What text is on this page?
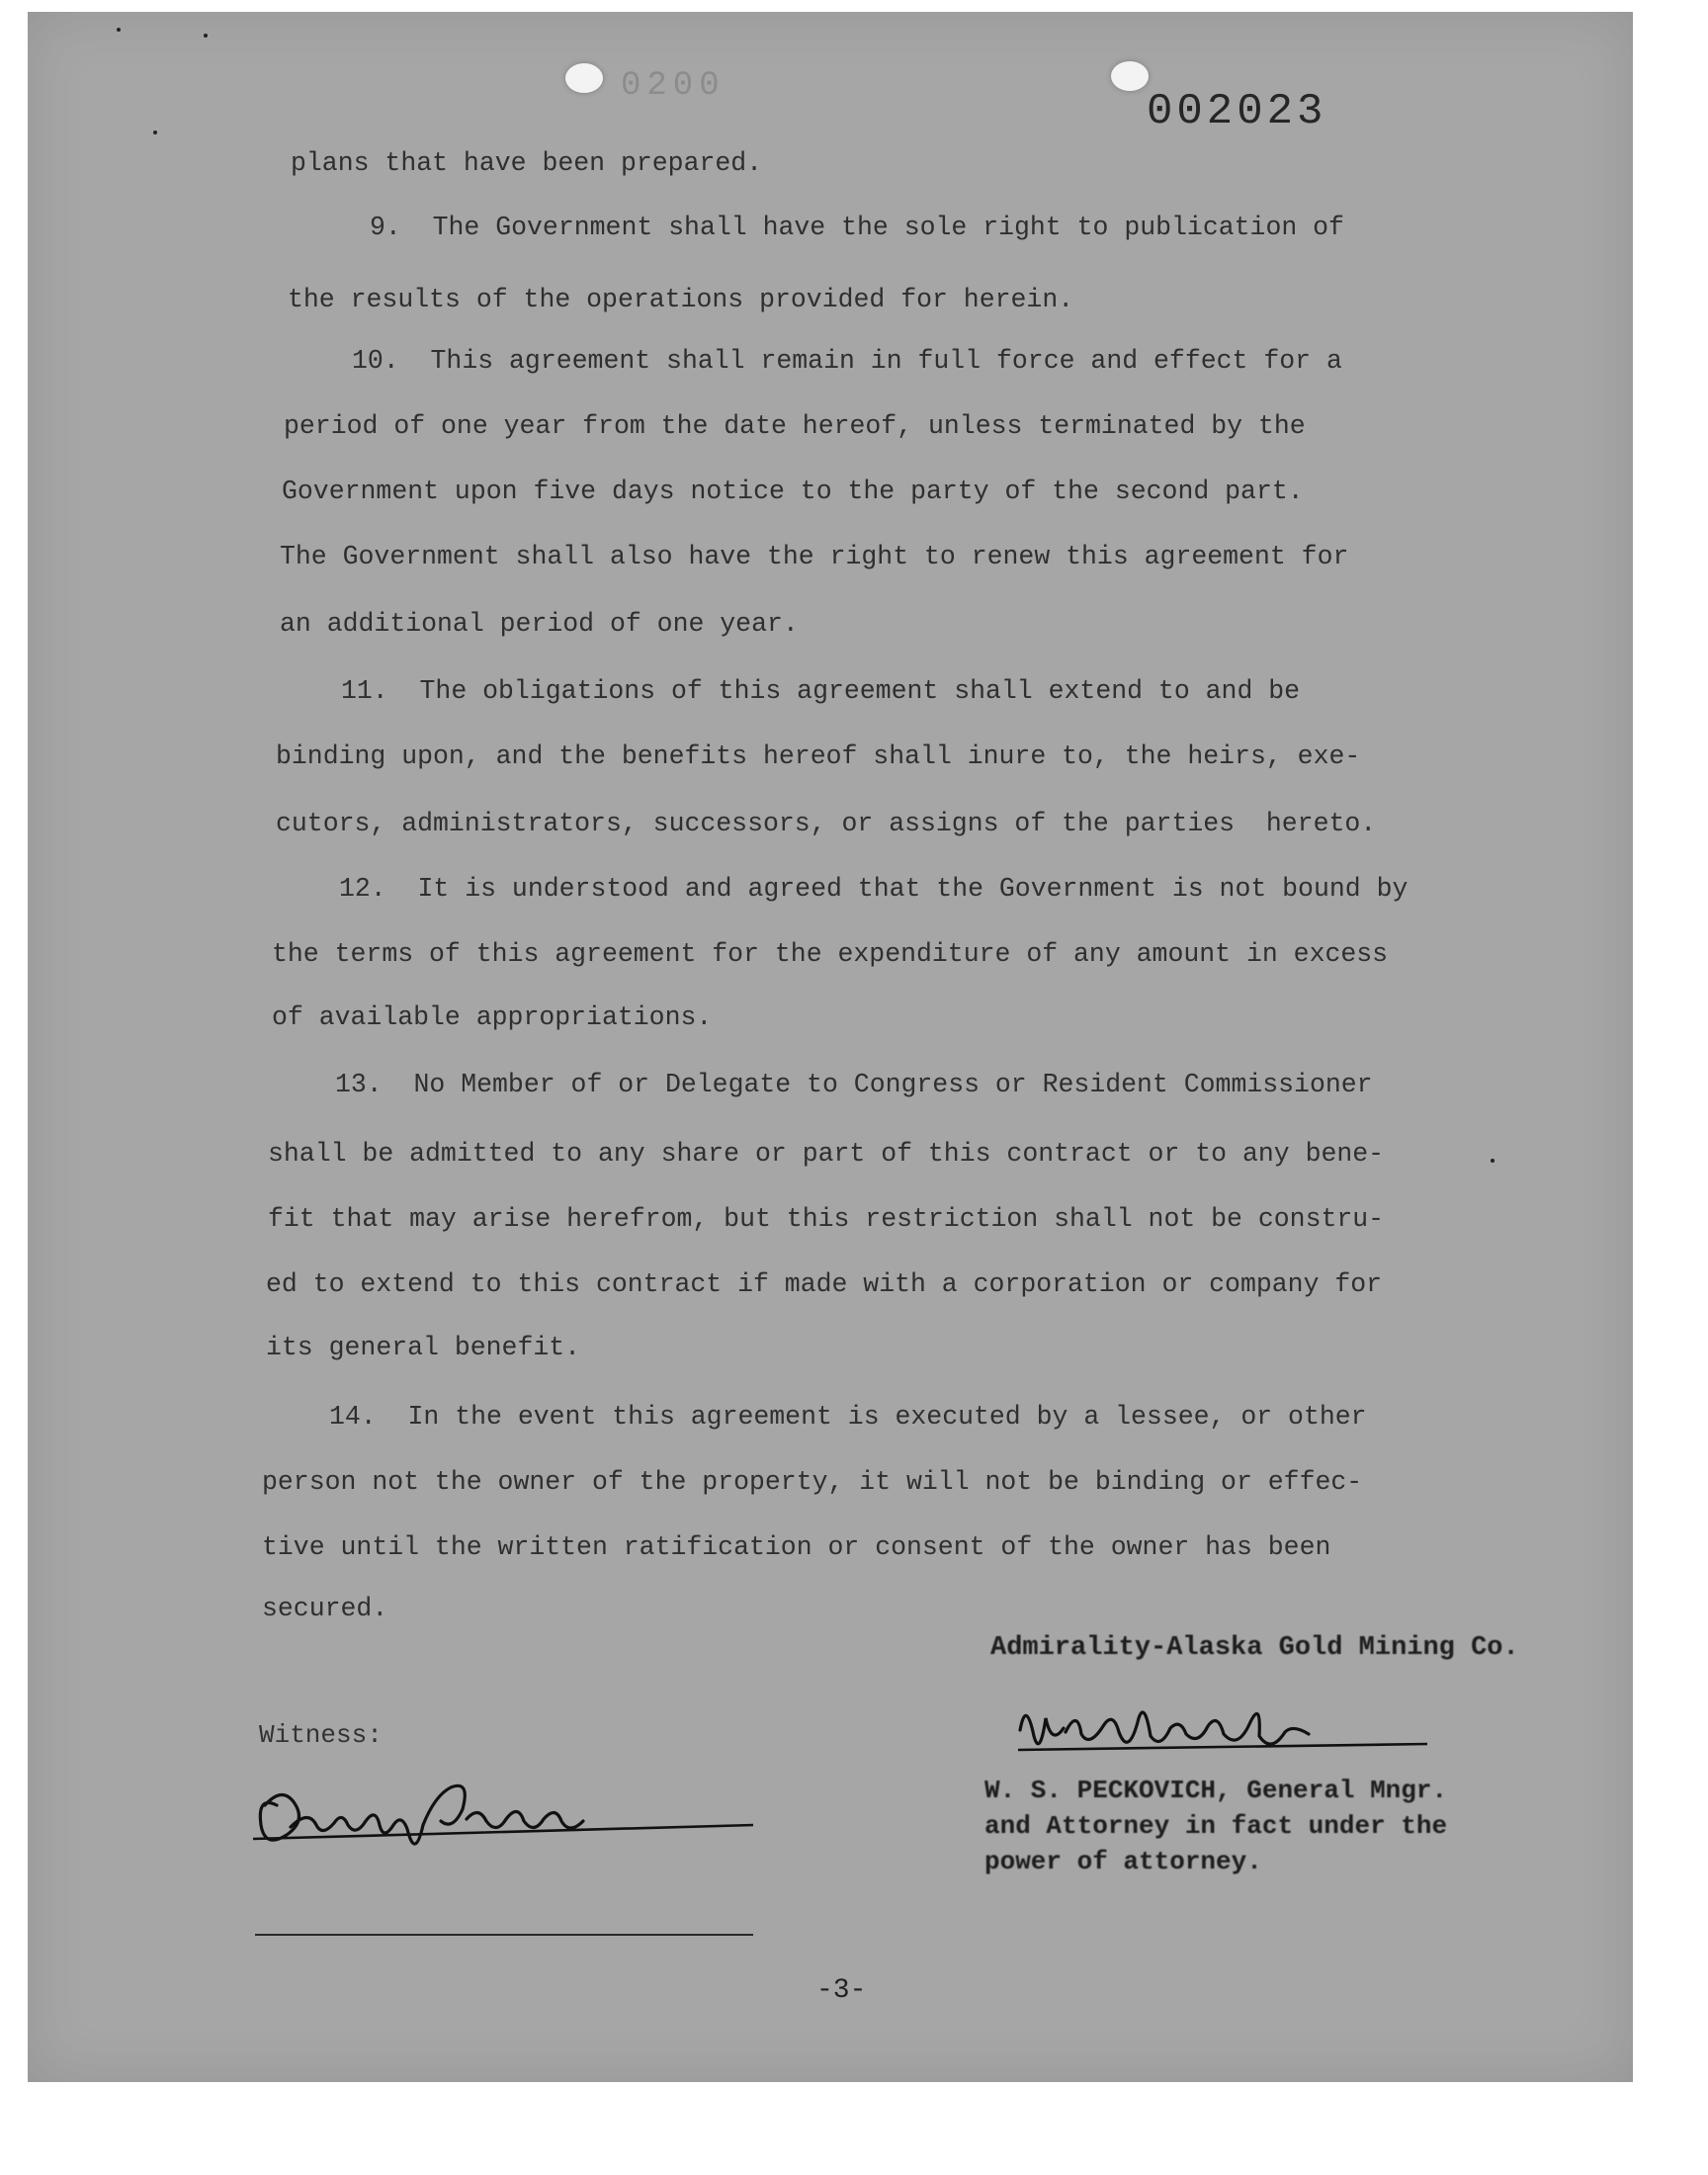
0200
002023
plans that have been prepared.
9.  The Government shall have the sole right to publication of
the results of the operations provided for herein.
10.  This agreement shall remain in full force and effect for a
period of one year from the date hereof, unless terminated by the
Government upon five days notice to the party of the second part.
The Government shall also have the right to renew this agreement for
an additional period of one year.
11.  The obligations of this agreement shall extend to and be
binding upon, and the benefits hereof shall inure to, the heirs, exe-
cutors, administrators, successors, or assigns of the parties  hereto.
12.  It is understood and agreed that the Government is not bound by
the terms of this agreement for the expenditure of any amount in excess
of available appropriations.
13.  No Member of or Delegate to Congress or Resident Commissioner
shall be admitted to any share or part of this contract or to any bene-
fit that may arise herefrom, but this restriction shall not be constru-
ed to extend to this contract if made with a corporation or company for
its general benefit.
14.  In the event this agreement is executed by a lessee, or other
person not the owner of the property, it will not be binding or effec-
tive until the written ratification or consent of the owner has been
secured.
Admirality-Alaska Gold Mining Co.
W. S. PECKOVICH, General Mngr.
and Attorney in fact under the
power of attorney.
Witness:
-3-
